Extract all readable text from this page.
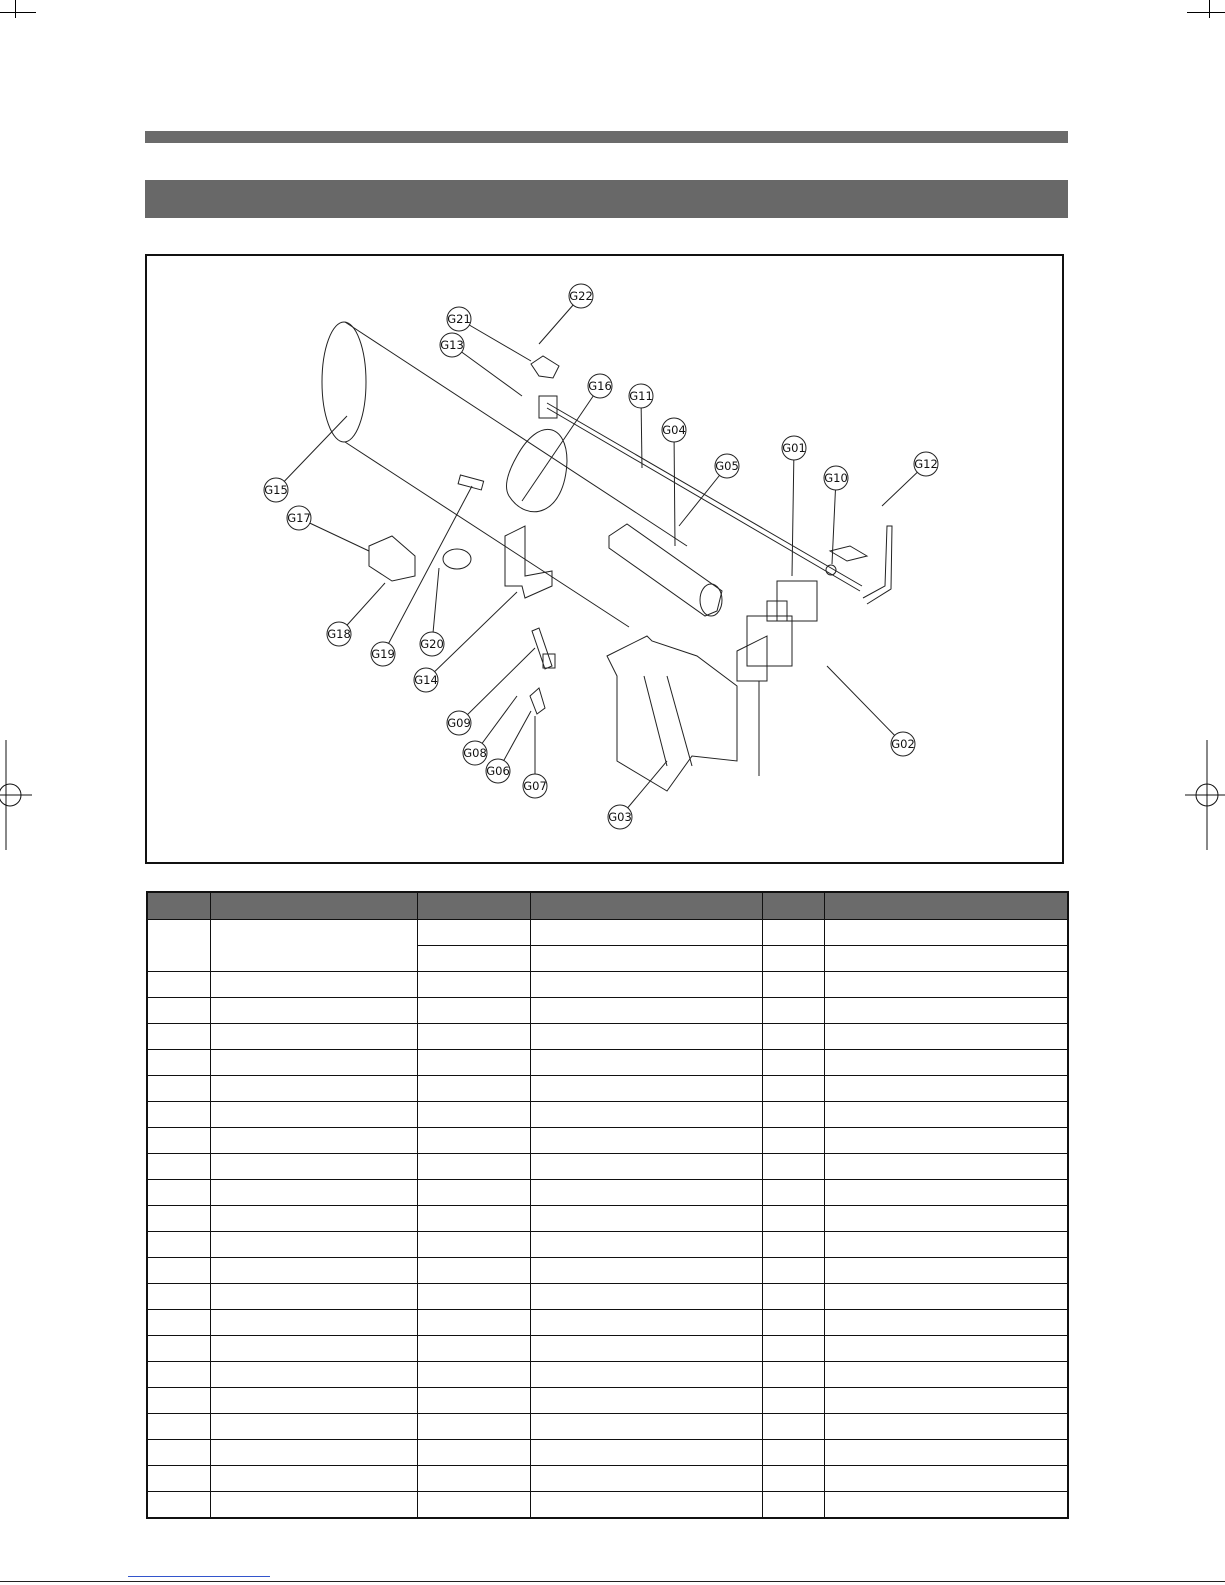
G01
G02
G03
G04
G05
G06
G07
G08
G09
G10
G11
G12
G13
G14
G15
G16
G17
G18
G19
G20
G21
G22
